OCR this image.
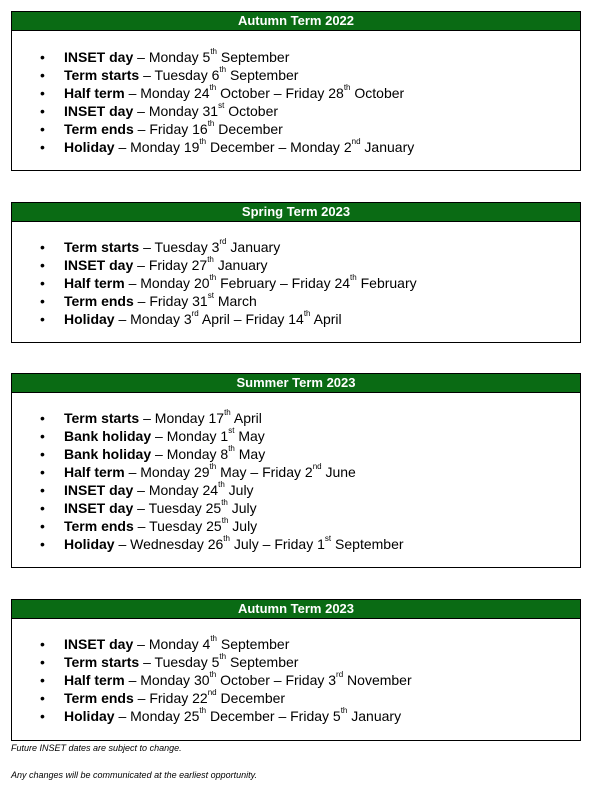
Autumn Term 2022
• INSET day – Monday 5th September
• Term starts – Tuesday 6th September
• Half term – Monday 24th October – Friday 28th October
• INSET day – Monday 31st October
• Term ends – Friday 16th December
• Holiday – Monday 19th December – Monday 2nd January
Spring Term 2023
• Term starts – Tuesday 3rd January
• INSET day – Friday 27th January
• Half term – Monday 20th February – Friday 24th February
• Term ends – Friday 31st March
• Holiday – Monday 3rd April – Friday 14th April
Summer Term 2023
• Term starts – Monday 17th April
• Bank holiday – Monday 1st May
• Bank holiday – Monday 8th May
• Half term – Monday 29th May – Friday 2nd June
• INSET day – Monday 24th July
• INSET day – Tuesday 25th July
• Term ends – Tuesday 25th July
• Holiday – Wednesday 26th July – Friday 1st September
Autumn Term 2023
• INSET day – Monday 4th September
• Term starts – Tuesday 5th September
• Half term – Monday 30th October – Friday 3rd November
• Term ends – Friday 22nd December
• Holiday – Monday 25th December – Friday 5th January
Future INSET dates are subject to change.
Any changes will be communicated at the earliest opportunity.
